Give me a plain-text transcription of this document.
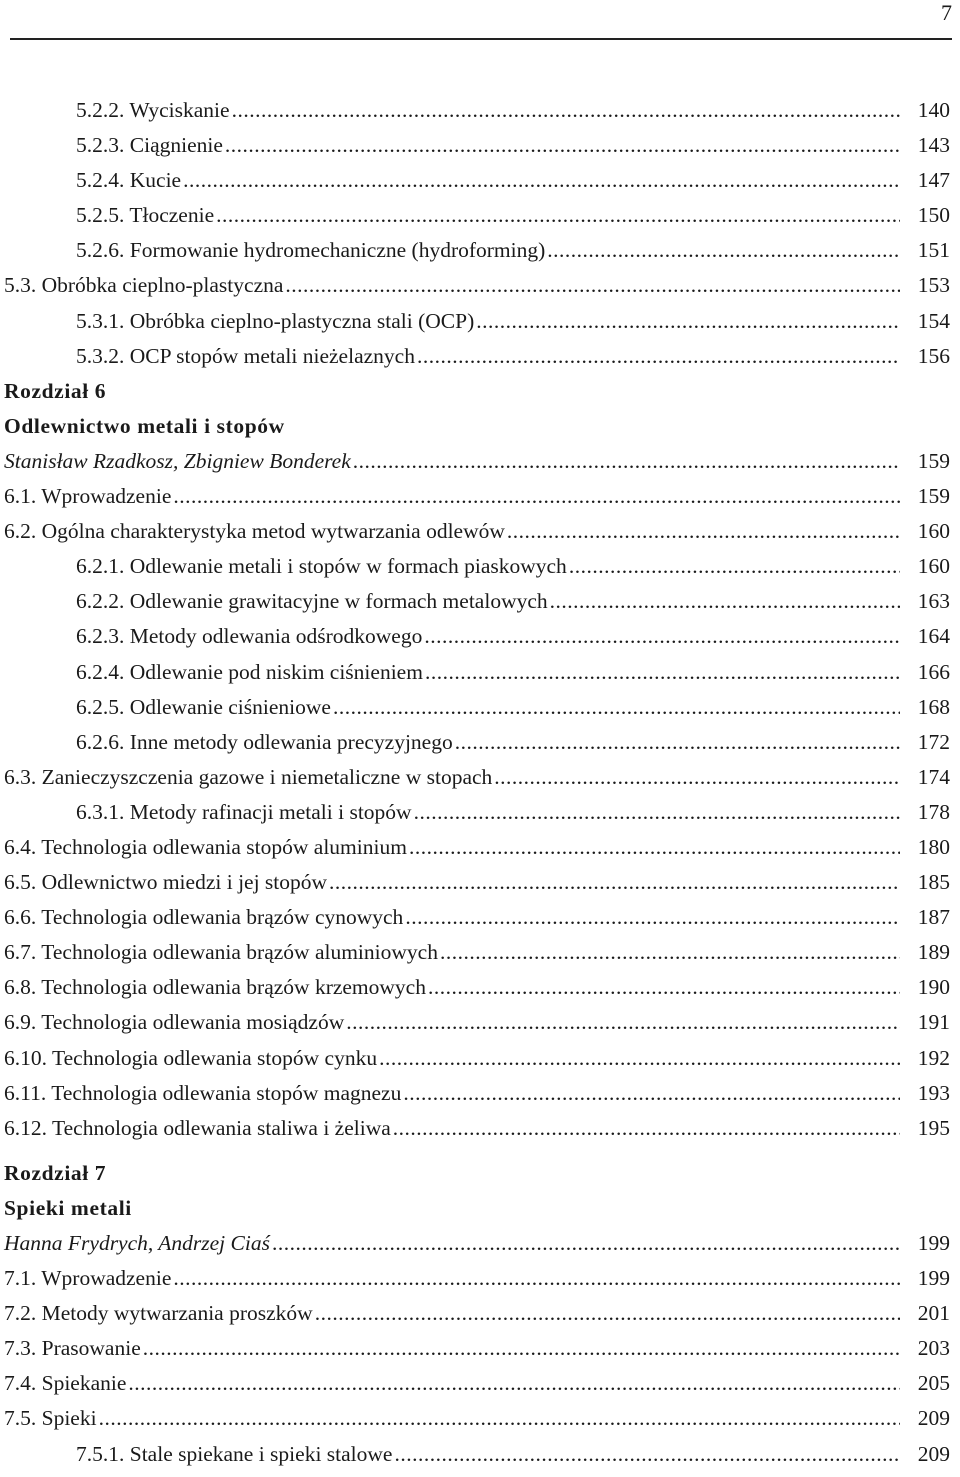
7
5.2.2. Wyciskanie .....	140
5.2.3. Ciągnienie .....	143
5.2.4. Kucie .....	147
5.2.5. Tłoczenie .....	150
5.2.6. Formowanie hydromechaniczne (hydroforming) .....	151
5.3. Obróbka cieplno-plastyczna .....	153
5.3.1. Obróbka cieplno-plastyczna stali (OCP) .....	154
5.3.2. OCP stopów metali nieżelaznych .....	156
Rozdział 6
Odlewnictwo metali i stopów
Stanisław Rzadkosz, Zbigniew Bonderek .....	159
6.1. Wprowadzenie .....	159
6.2. Ogólna charakterystyka metod wytwarzania odlewów .....	160
6.2.1. Odlewanie metali i stopów w formach piaskowych .....	160
6.2.2. Odlewanie grawitacyjne w formach metalowych .....	163
6.2.3. Metody odlewania odśrodkowego .....	164
6.2.4. Odlewanie pod niskim ciśnieniem .....	166
6.2.5. Odlewanie ciśnieniowe .....	168
6.2.6. Inne metody odlewania precyzyjnego .....	172
6.3. Zanieczyszczenia gazowe i niemetaliczne w stopach .....	174
6.3.1. Metody rafinacji metali i stopów .....	178
6.4. Technologia odlewania stopów aluminium .....	180
6.5. Odlewnictwo miedzi i jej stopów .....	185
6.6. Technologia odlewania brązów cynowych .....	187
6.7. Technologia odlewania brązów aluminiowych .....	189
6.8. Technologia odlewania brązów krzemowych .....	190
6.9. Technologia odlewania mosiądzów .....	191
6.10. Technologia odlewania stopów cynku .....	192
6.11. Technologia odlewania stopów magnezu .....	193
6.12. Technologia odlewania staliwa i żeliwa .....	195
Rozdział 7
Spieki metali
Hanna Frydrych, Andrzej Ciaś .....	199
7.1. Wprowadzenie .....	199
7.2. Metody wytwarzania proszków .....	201
7.3. Prasowanie .....	203
7.4. Spiekanie .....	205
7.5. Spieki .....	209
7.5.1. Stale spiekane i spieki stalowe .....	209
